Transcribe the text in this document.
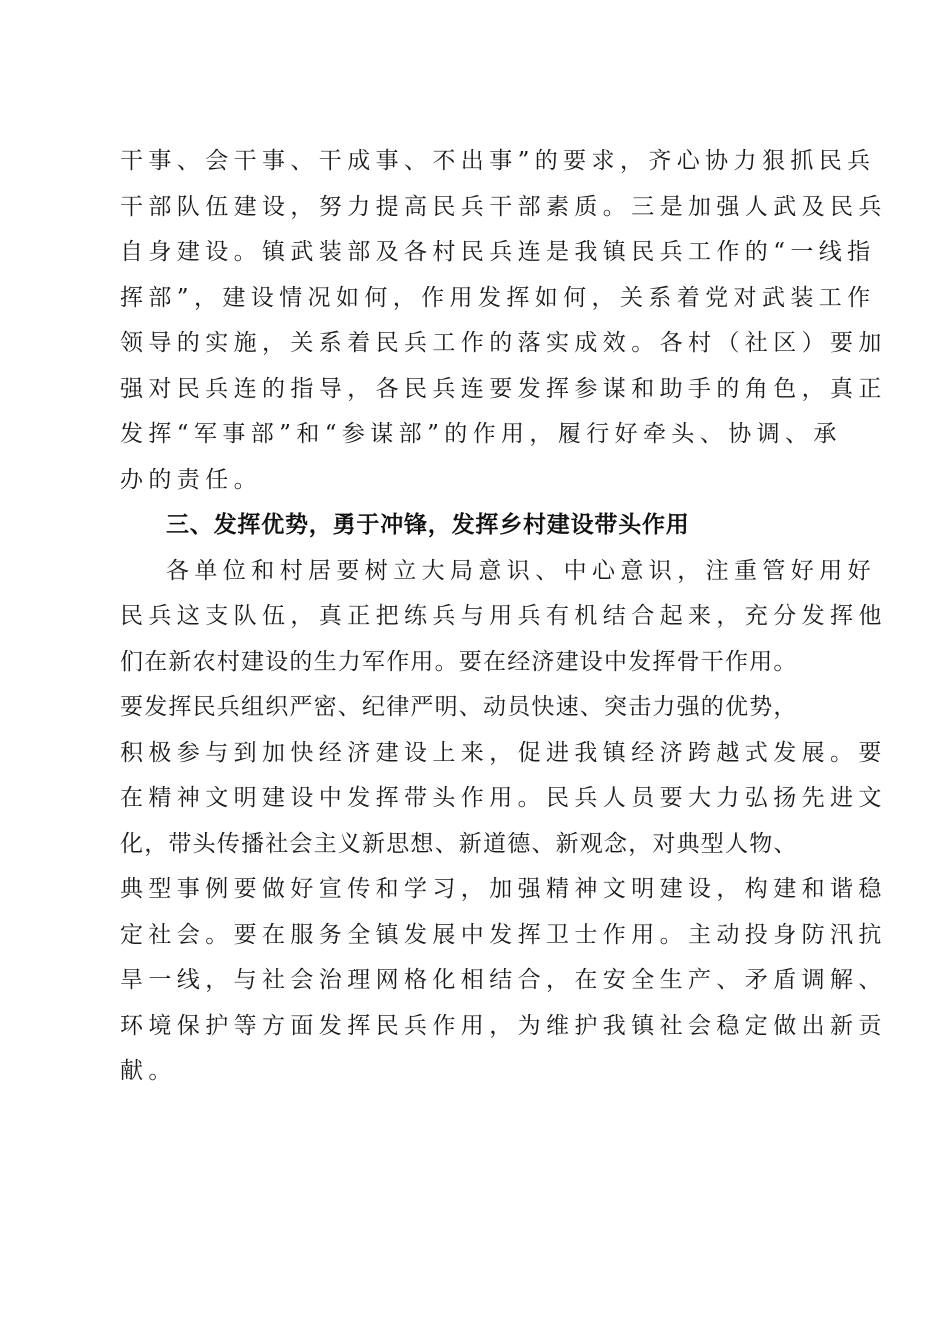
干事、会干事、干成事、不出事”的要求，齐心协力狠抓民兵
干部队伍建设，努力提高民兵干部素质。三是加强人武及民兵
自身建设。镇武装部及各村民兵连是我镇民兵工作的“一线指
挥部”，建设情况如何，作用发挥如何，关系着党对武装工作
领导的实施，关系着民兵工作的落实成效。各村（社区）要加
强对民兵连的指导，各民兵连要发挥参谋和助手的角色，真正
发挥“军事部”和“参谋部”的作用，履行好牵头、协调、承
办的责任。
三、发挥优势，勇于冲锋，发挥乡村建设带头作用
各单位和村居要树立大局意识、中心意识，注重管好用好
民兵这支队伍，真正把练兵与用兵有机结合起来，充分发挥他
们在新农村建设的生力军作用。要在经济建设中发挥骨干作用。
要发挥民兵组织严密、纪律严明、动员快速、突击力强的优势，
积极参与到加快经济建设上来，促进我镇经济跨越式发展。要
在精神文明建设中发挥带头作用。民兵人员要大力弘扬先进文
化，带头传播社会主义新思想、新道德、新观念，对典型人物、
典型事例要做好宣传和学习，加强精神文明建设，构建和谐稳
定社会。要在服务全镇发展中发挥卫士作用。主动投身防汛抗
旱一线，与社会治理网格化相结合，在安全生产、矛盾调解、
环境保护等方面发挥民兵作用，为维护我镇社会稳定做出新贡
献。
